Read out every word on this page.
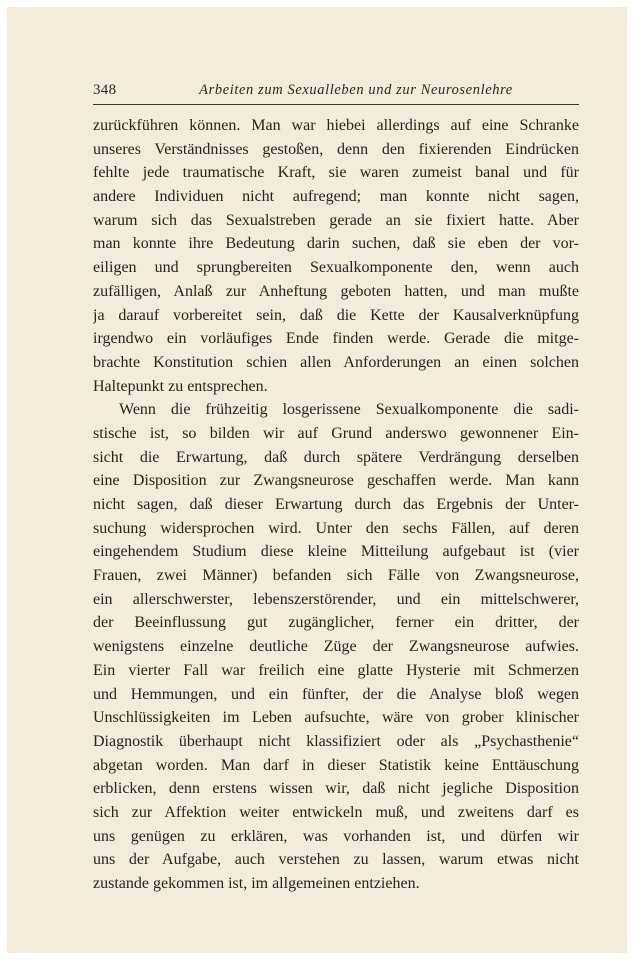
348	Arbeiten zum Sexualleben und zur Neurosenlehre
zurückführen können. Man war hiebei allerdings auf eine Schranke
unseres Verständnisses gestoßen, denn den fixierenden Eindrücken
fehlte jede traumatische Kraft, sie waren zumeist banal und für
andere Individuen nicht aufregend; man konnte nicht sagen,
warum sich das Sexualstreben gerade an sie fixiert hatte. Aber
man konnte ihre Bedeutung darin suchen, daß sie eben der vor-
eiligen und sprungbereiten Sexualkomponente den, wenn auch
zufälligen, Anlaß zur Anheftung geboten hatten, und man mußte
ja darauf vorbereitet sein, daß die Kette der Kausalverknüpfung
irgendwo ein vorläufiges Ende finden werde. Gerade die mitge-
brachte Konstitution schien allen Anforderungen an einen solchen
Haltepunkt zu entsprechen.
Wenn die frühzeitig losgerissene Sexualkomponente die sadi-
stische ist, so bilden wir auf Grund anderswo gewonnener Ein-
sicht die Erwartung, daß durch spätere Verdrängung derselben
eine Disposition zur Zwangsneurose geschaffen werde. Man kann
nicht sagen, daß dieser Erwartung durch das Ergebnis der Unter-
suchung widersprochen wird. Unter den sechs Fällen, auf deren
eingehendem Studium diese kleine Mitteilung aufgebaut ist (vier
Frauen, zwei Männer) befanden sich Fälle von Zwangsneurose,
ein allerschwerster, lebenszerstörender, und ein mittelschwerer,
der Beeinflussung gut zugänglicher, ferner ein dritter, der
wenigstens einzelne deutliche Züge der Zwangsneurose aufwies.
Ein vierter Fall war freilich eine glatte Hysterie mit Schmerzen
und Hemmungen, und ein fünfter, der die Analyse bloß wegen
Unschlüssigkeiten im Leben aufsuchte, wäre von grober klinischer
Diagnostik überhaupt nicht klassifiziert oder als „Psychasthenie“
abgetan worden. Man darf in dieser Statistik keine Enttäuschung
erblicken, denn erstens wissen wir, daß nicht jegliche Disposition
sich zur Affektion weiter entwickeln muß, und zweitens darf es
uns genügen zu erklären, was vorhanden ist, und dürfen wir
uns der Aufgabe, auch verstehen zu lassen, warum etwas nicht
zustande gekommen ist, im allgemeinen entziehen.
